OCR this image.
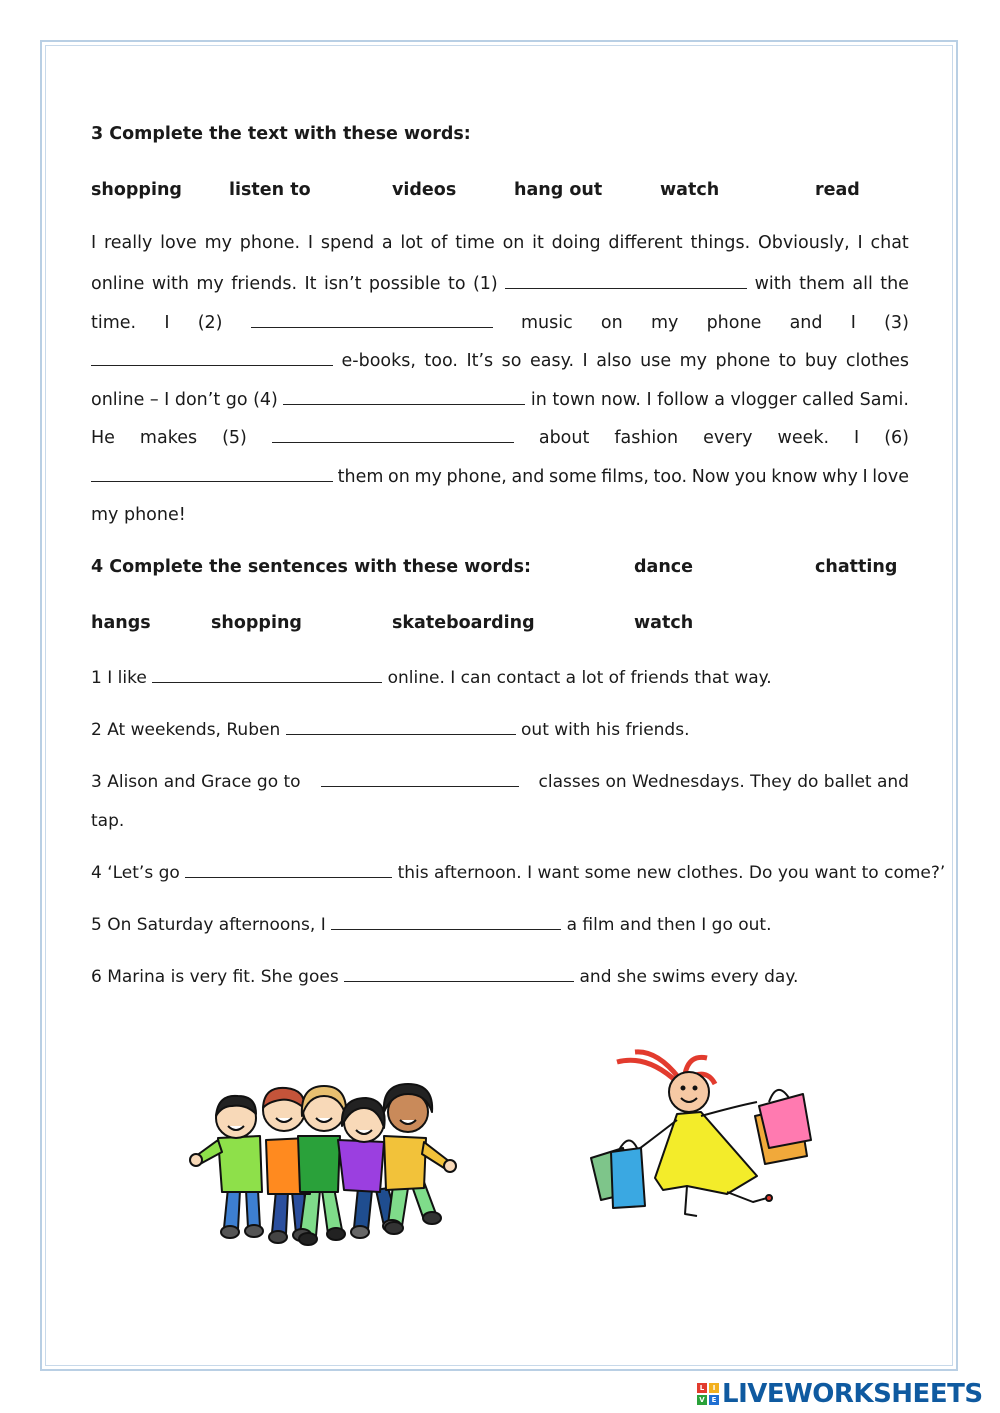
3 Complete the text with these words:
shopping	listen to	videos	hang out	watch	read
I really love my phone. I spend a lot of time on it doing different things. Obviously, I chat
online with my friends. It isn’t possible to (1)	with them all the
time. I (2)	music on my phone and I (3)
e-books, too. It’s so easy. I also use my phone to buy clothes
online – I don’t go (4)	in town now. I follow a vlogger called Sami.
He makes (5)	about fashion every week. I (6)
them on my phone, and some films, too. Now you know why I love
my phone!
4 Complete the sentences with these words:	dance	chatting
hangs	shopping	skateboarding	watch
1 I like	online. I can contact a lot of friends that way.
2 At weekends, Ruben	out with his friends.
3 Alison and Grace go to	classes on Wednesdays. They do ballet and
tap.
4 ‘Let’s go	this afternoon. I want some new clothes. Do you want to come?’
5 On Saturday afternoons, I	a film and then I go out.
6 Marina is very fit. She goes	and she swims every day.
L	I
V E LIVEWORKSHEETS
